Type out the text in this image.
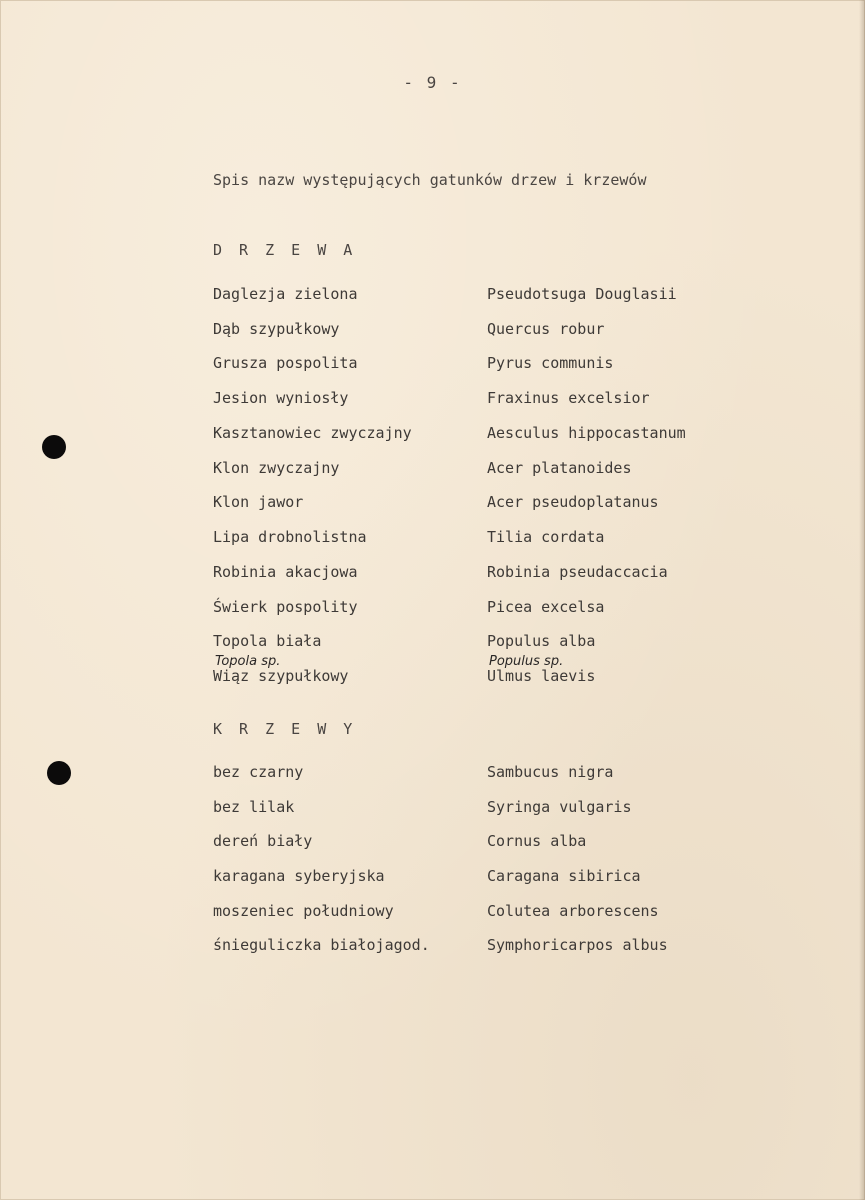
- 9 -
Spis nazw występujących gatunków drzew i krzewów
D R Z E W A
Daglezja zielona	Pseudotsuga Douglasii
Dąb szypułkowy	Quercus robur
Grusza pospolita	Pyrus communis
Jesion wyniosły	Fraxinus excelsior
Kasztanowiec zwyczajny	Aesculus hippocastanum
Klon zwyczajny	Acer platanoides
Klon jawor	Acer pseudoplatanus
Lipa drobnolistna	Tilia cordata
Robinia akacjowa	Robinia pseudaccacia
Świerk pospolity	Picea excelsa
Topola biała	Populus alba
Topola sp.	Populus sp.
Wiąz szypułkowy	Ulmus laevis
K R Z E W Y
bez czarny	Sambucus nigra
bez lilak	Syringa vulgaris
dereń biały	Cornus alba
karagana syberyjska	Caragana sibirica
moszeniec południowy	Colutea arborescens
śnieguliczka białojagod.	Symphoricarpos albus
